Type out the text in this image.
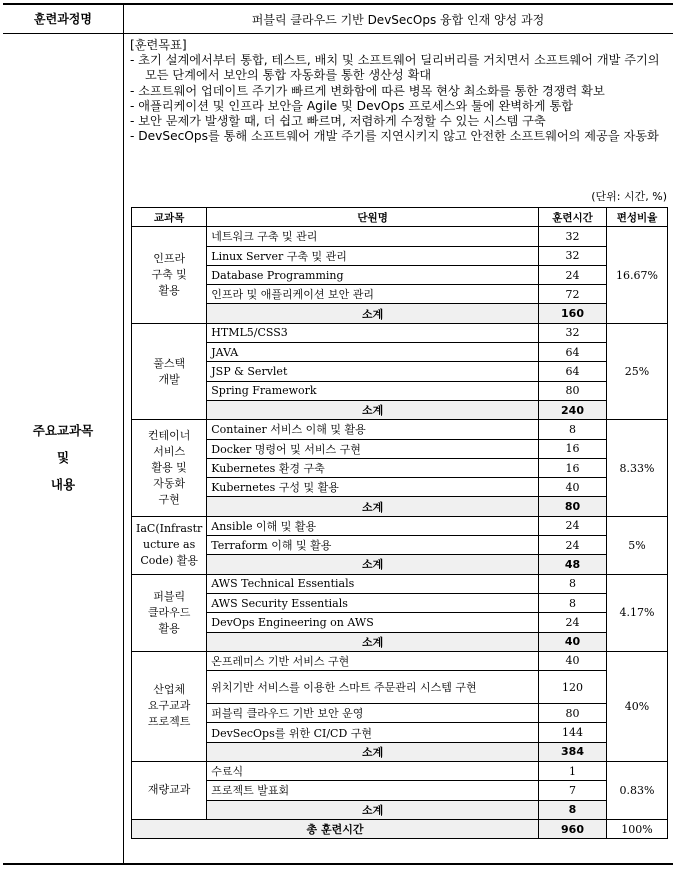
훈련과정명	퍼블릭 클라우드 기반 DevSecOps 융합 인재 양성 과정
주요교과목
및
내용
[훈련목표]
- 초기 설계에서부터 통합, 테스트, 배치 및 소프트웨어 딜리버리를 거치면서 소프트웨어 개발 주기의 모든 단계에서 보안의 통합 자동화를 통한 생산성 확대
- 소프트웨어 업데이트 주기가 빠르게 변화함에 따른 병목 현상 최소화를 통한 경쟁력 확보
- 애플리케이션 및 인프라 보안을 Agile 및 DevOps 프로세스와 툴에 완벽하게 통합
- 보안 문제가 발생할 때, 더 쉽고 빠르며, 저렴하게 수정할 수 있는 시스템 구축
- DevSecOps를 통해 소프트웨어 개발 주기를 지연시키지 않고 안전한 소프트웨어의 제공을 자동화
(단위: 시간, %)
교과목	단원명	훈련시간	편성비율

인프라
구축 및
활용	네트워크 구축 및 관리	32	16.67%
	Linux Server 구축 및 관리	32	
	Database Programming	24	
	인프라 및 애플리케이션 보안 관리	72	
	소계	160	

풀스택
개발	HTML5/CSS3	32	25%
	JAVA	64	
	JSP & Servlet	64	
	Spring Framework	80	
	소계	240	

컨테이너
서비스
활용 및
자동화
구현	Container 서비스 이해 및 활용	8	8.33%
	Docker 명령어 및 서비스 구현	16	
	Kubernetes 환경 구축	16	
	Kubernetes 구성 및 활용	40	
	소계	80	

IaC(Infrastr
ucture as
Code) 활용	Ansible 이해 및 활용	24	5%
	Terraform 이해 및 활용	24	
	소계	48	

퍼블릭
클라우드
활용	AWS Technical Essentials	8	4.17%
	AWS Security Essentials	8	
	DevOps Engineering on AWS	24	
	소계	40	

산업체
요구교과
프로젝트	온프레미스 기반 서비스 구현	40	40%
	위치기반 서비스를 이용한 스마트 주문관리 시스템 구현	120	
	퍼블릭 클라우드 기반 보안 운영	80	
	DevSecOps를 위한 CI/CD 구현	144	
	소계	384	

재량교과	수료식	1	0.83%
	프로젝트 발표회	7	
	소계	8	
총 훈련시간		960	100%
